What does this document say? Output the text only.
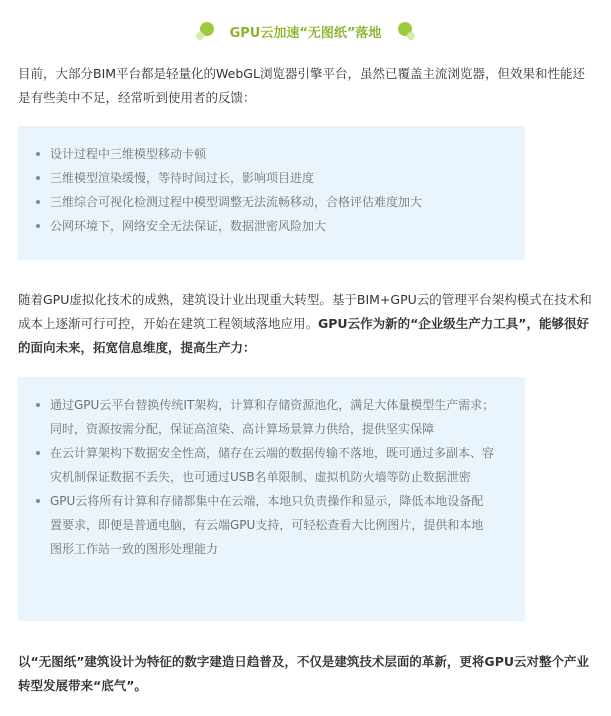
GPU云加速“无图纸”落地

目前，大部分BIM平台都是轻量化的WebGL浏览器引擎平台，虽然已覆盖主流浏览器，但效果和性能还是有些美中不足，经常听到使用者的反馈：

设计过程中三维模型移动卡顿
三维模型渲染缓慢，等待时间过长，影响项目进度
三维综合可视化检测过程中模型调整无法流畅移动，合格评估难度加大
公网环境下，网络安全无法保证，数据泄密风险加大

随着GPU虚拟化技术的成熟，建筑设计业出现重大转型。基于BIM+GPU云的管理平台架构模式在技术和成本上逐渐可行可控，开始在建筑工程领域落地应用。GPU云作为新的“企业级生产力工具”，能够很好的面向未来，拓宽信息维度，提高生产力：

通过GPU云平台替换传统IT架构，计算和存储资源池化，满足大体量模型生产需求；同时，资源按需分配，保证高渲染、高计算场景算力供给，提供坚实保障
在云计算架构下数据安全性高，储存在云端的数据传输不落地，既可通过多副本、容灾机制保证数据不丢失，也可通过USB名单限制、虚拟机防火墙等防止数据泄密
GPU云将所有计算和存储都集中在云端，本地只负责操作和显示，降低本地设备配置要求，即便是普通电脑，有云端GPU支持，可轻松查看大比例图片，提供和本地图形工作站一致的图形处理能力

以“无图纸”建筑设计为特征的数字建造日趋普及，不仅是建筑技术层面的革新，更将GPU云对整个产业转型发展带来“底气”。
